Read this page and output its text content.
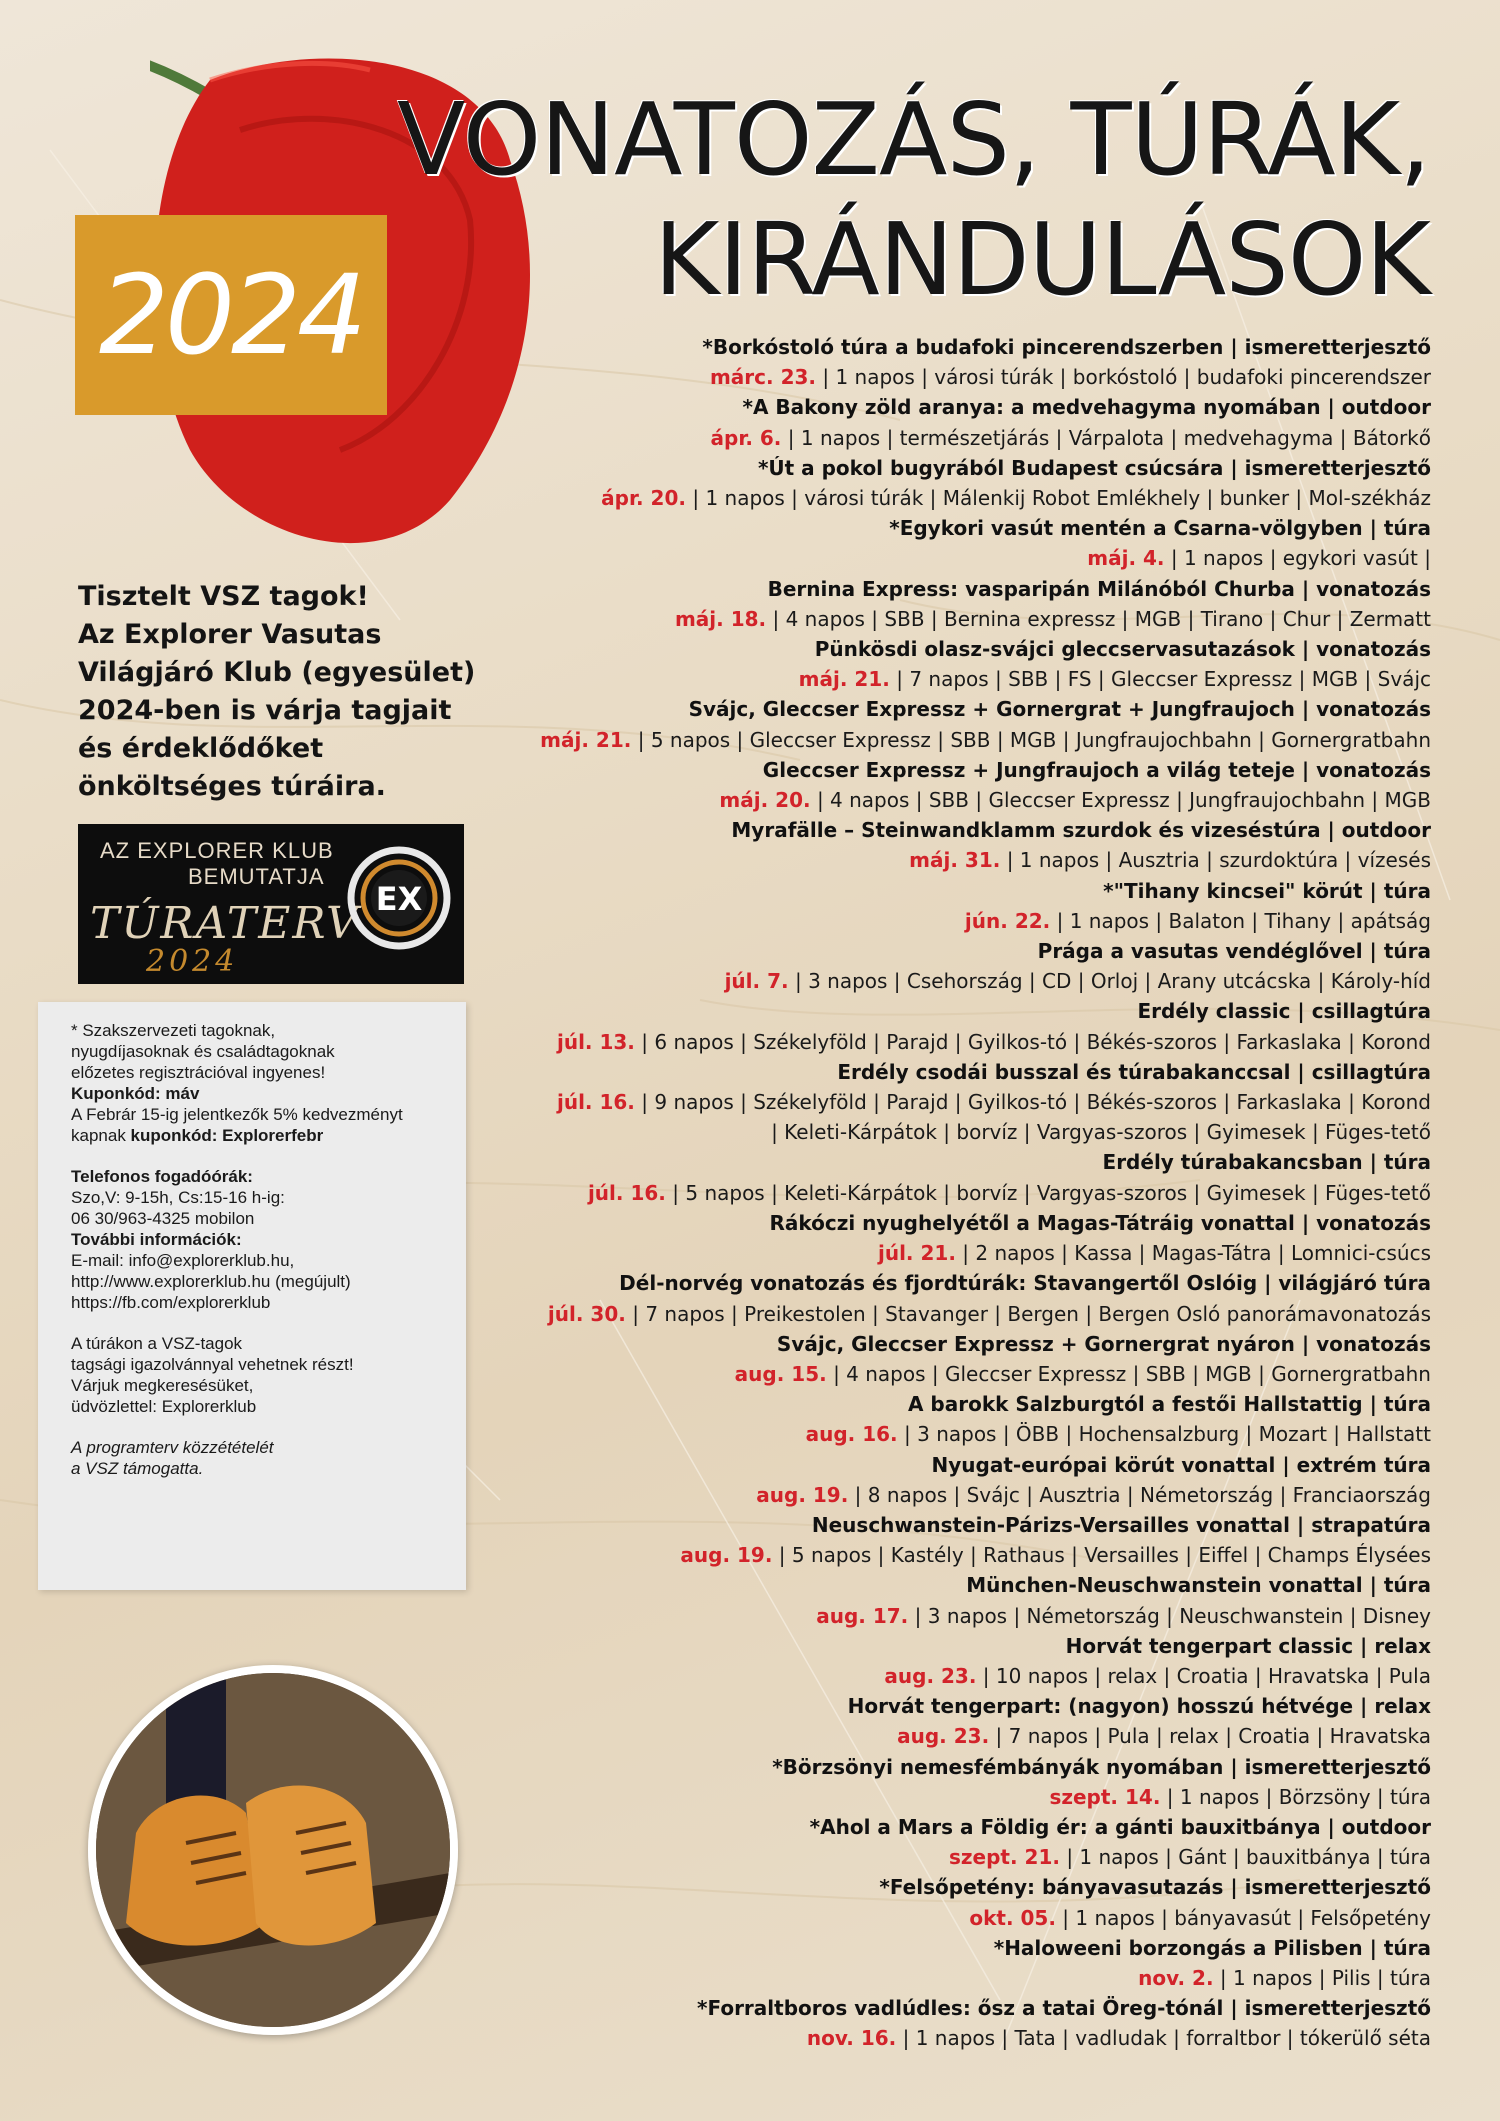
VONATOZÁS, TÚRÁK,
KIRÁNDULÁSOK
2024
Tisztelt VSZ tagok!
Az Explorer Vasutas
Világjáró Klub (egyesület)
2024-ben is várja tagjait
és érdeklődőket
önköltséges túráira.
AZ EXPLORER KLUB
BEMUTATJA
TÚRATERV
2024
EX

* Szakszervezeti tagoknak,

nyugdíjasoknak és családtagoknak

előzetes regisztrációval ingyenes!

Kuponkód: máv

A Febrár 15-ig jelentkezők 5% kedvezményt

kapnak kuponkód: Explorerfebr

Telefonos fogadóórák:

Szo,V: 9-15h, Cs:15-16 h-ig:

06 30/963-4325 mobilon

További információk:

E-mail: info@explorerklub.hu,

http://www.explorerklub.hu (megújult)

https://fb.com/explorerklub

A túrákon a VSZ-tagok

tagsági igazolvánnyal vehetnek részt!

Várjuk megkeresésüket,

üdvözlettel: Explorerklub

A programterv közzétételét

a VSZ támogatta.

*Borkóstoló túra a budafoki pincerendszerben | ismeretterjesztő
márc. 23. | 1 napos | városi túrák | borkóstoló | budafoki pincerendszer
*A Bakony zöld aranya: a medvehagyma nyomában | outdoor
ápr. 6. | 1 napos | természetjárás | Várpalota | medvehagyma | Bátorkő
*Út a pokol bugyrából Budapest csúcsára | ismeretterjesztő
ápr. 20. | 1 napos | városi túrák | Málenkij Robot Emlékhely | bunker | Mol-székház
*Egykori vasút mentén a Csarna-völgyben | túra
máj. 4. | 1 napos | egykori vasút |
Bernina Express: vasparipán Milánóból Churba | vonatozás
máj. 18. | 4 napos | SBB | Bernina expressz | MGB | Tirano | Chur | Zermatt
Pünkösdi olasz-svájci gleccservasutazások | vonatozás
máj. 21. | 7 napos | SBB | FS | Gleccser Expressz | MGB | Svájc
Svájc, Gleccser Expressz + Gornergrat + Jungfraujoch | vonatozás
máj. 21. | 5 napos | Gleccser Expressz | SBB | MGB | Jungfraujochbahn | Gornergratbahn
Gleccser Expressz + Jungfraujoch a világ teteje | vonatozás
máj. 20. | 4 napos | SBB | Gleccser Expressz | Jungfraujochbahn | MGB
Myrafälle – Steinwandklamm szurdok és vizeséstúra | outdoor
máj. 31. | 1 napos | Ausztria | szurdoktúra | vízesés
*"Tihany kincsei" körút | túra
jún. 22. | 1 napos | Balaton | Tihany | apátság
Prága a vasutas vendéglővel | túra
júl. 7. | 3 napos | Csehország | CD | Orloj | Arany utcácska | Károly-híd
Erdély classic | csillagtúra
júl. 13. | 6 napos | Székelyföld | Parajd | Gyilkos-tó | Békés-szoros | Farkaslaka | Korond
Erdély csodái busszal és túrabakanccsal | csillagtúra
júl. 16. | 9 napos | Székelyföld | Parajd | Gyilkos-tó | Békés-szoros | Farkaslaka | Korond
| Keleti-Kárpátok | borvíz | Vargyas-szoros | Gyimesek | Füges-tető
Erdély túrabakancsban | túra
júl. 16. | 5 napos | Keleti-Kárpátok | borvíz | Vargyas-szoros | Gyimesek | Füges-tető
Rákóczi nyughelyétől a Magas-Tátráig vonattal | vonatozás
júl. 21. | 2 napos | Kassa | Magas-Tátra | Lomnici-csúcs
Dél-norvég vonatozás és fjordtúrák: Stavangertől Oslóig | világjáró túra
júl. 30. | 7 napos | Preikestolen | Stavanger | Bergen | Bergen Osló panorámavonatozás
Svájc, Gleccser Expressz + Gornergrat nyáron | vonatozás
aug. 15. | 4 napos | Gleccser Expressz | SBB | MGB | Gornergratbahn
A barokk Salzburgtól a festői Hallstattig | túra
aug. 16. | 3 napos | ÖBB | Hochensalzburg | Mozart | Hallstatt
Nyugat-európai körút vonattal | extrém túra
aug. 19. | 8 napos | Svájc | Ausztria | Németország | Franciaország
Neuschwanstein-Párizs-Versailles vonattal | strapatúra
aug. 19. | 5 napos | Kastély | Rathaus | Versailles | Eiffel | Champs Élysées
München-Neuschwanstein vonattal | túra
aug. 17. | 3 napos | Németország | Neuschwanstein | Disney
Horvát tengerpart classic | relax
aug. 23. | 10 napos | relax | Croatia | Hravatska | Pula
Horvát tengerpart: (nagyon) hosszú hétvége | relax
aug. 23. | 7 napos | Pula | relax | Croatia | Hravatska
*Börzsönyi nemesfémbányák nyomában | ismeretterjesztő
szept. 14. | 1 napos | Börzsöny | túra
*Ahol a Mars a Földig ér: a gánti bauxitbánya | outdoor
szept. 21. | 1 napos | Gánt | bauxitbánya | túra
*Felsőpetény: bányavasutazás | ismeretterjesztő
okt. 05. | 1 napos | bányavasút | Felsőpetény
*Haloweeni borzongás a Pilisben | túra
nov. 2. | 1 napos | Pilis | túra
*Forraltboros vadlúdles: ősz a tatai Öreg-tónál | ismeretterjesztő
nov. 16. | 1 napos | Tata | vadludak | forraltbor | tókerülő séta
